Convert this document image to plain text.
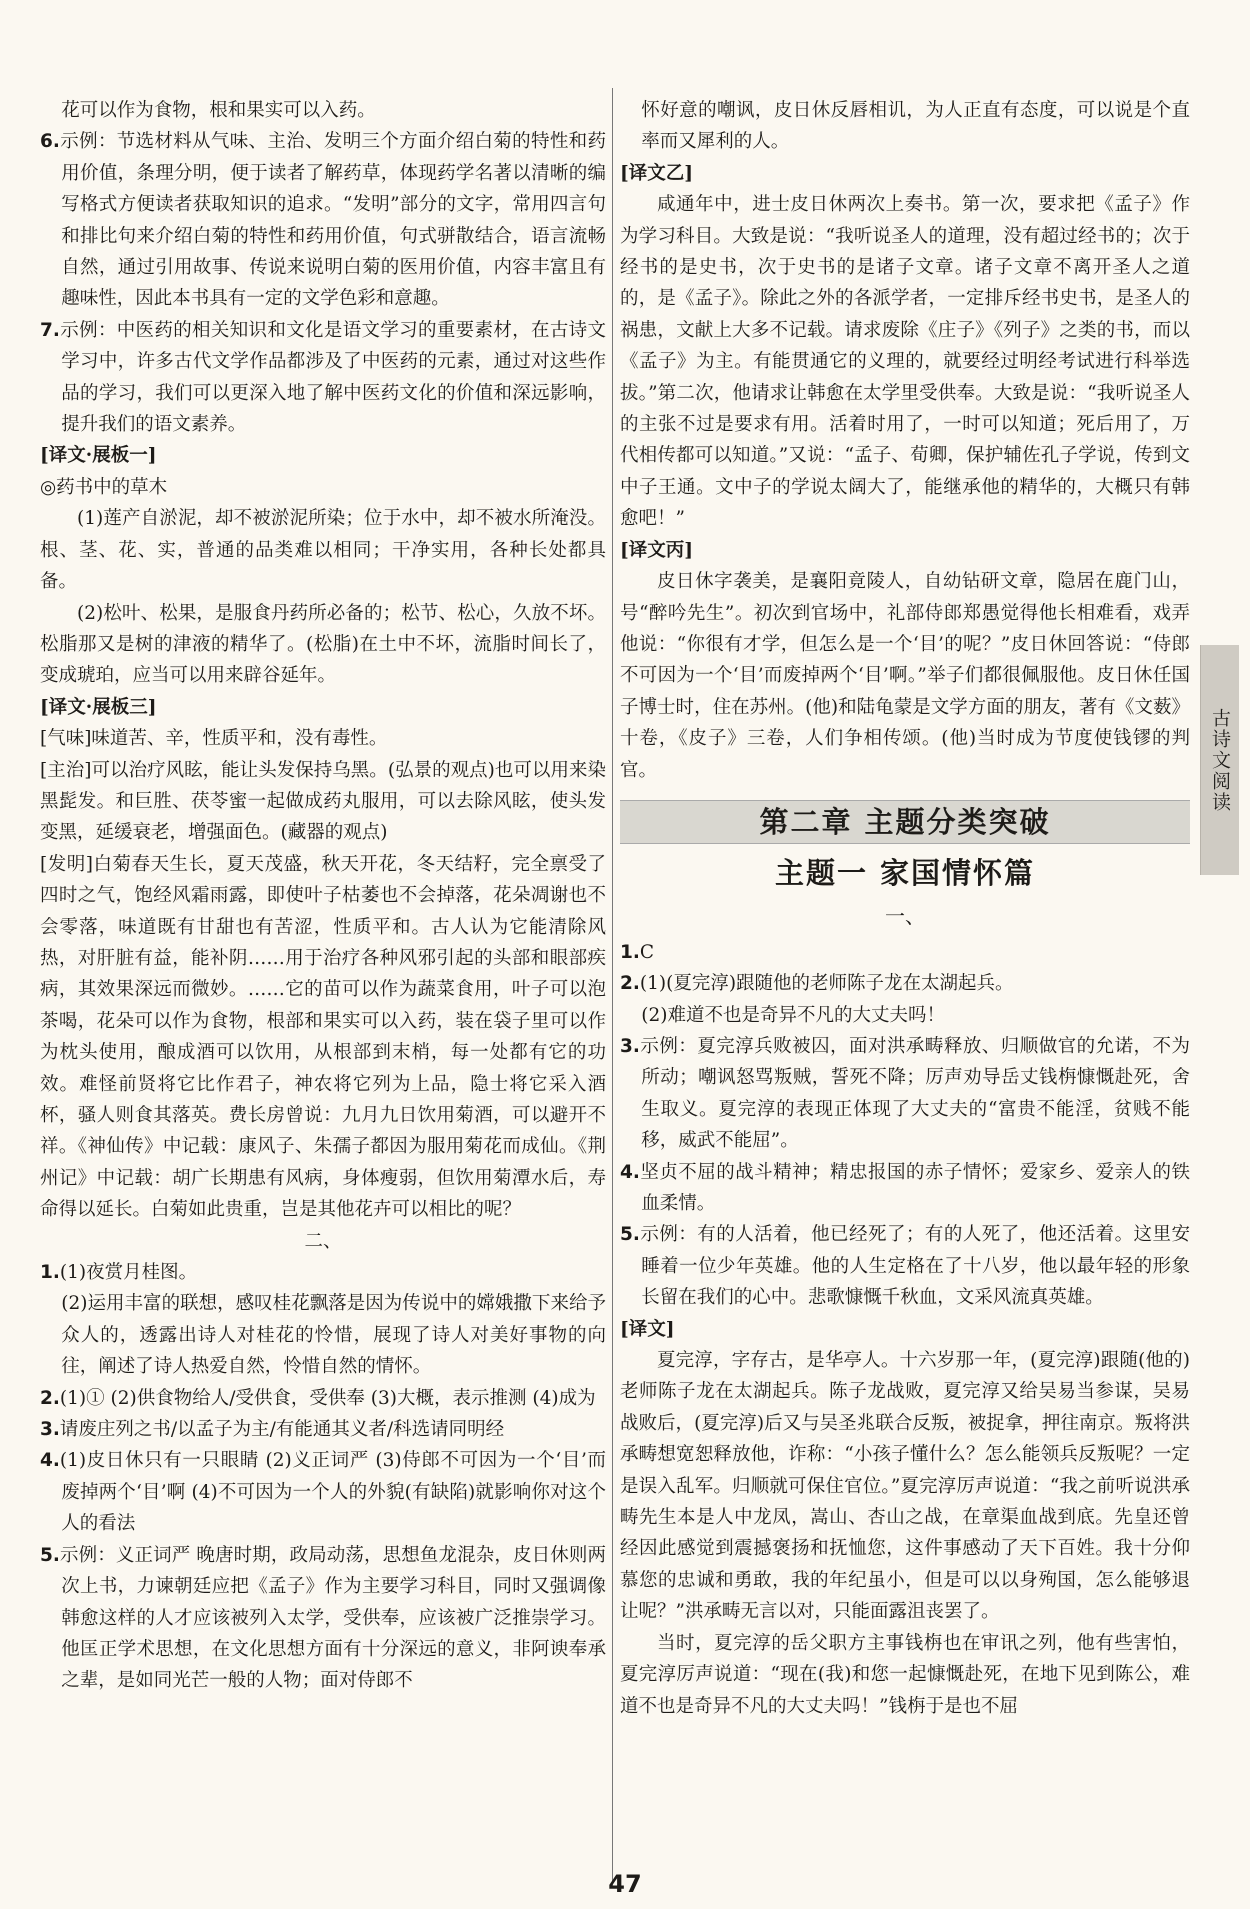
花可以作为食物，根和果实可以入药。

6.示例：节选材料从气味、主治、发明三个方面介绍白菊的特性和药用价值，条理分明，便于读者了解药草，体现药学名著以清晰的编写格式方便读者获取知识的追求。“发明”部分的文字，常用四言句和排比句来介绍白菊的特性和药用价值，句式骈散结合，语言流畅自然，通过引用故事、传说来说明白菊的医用价值，内容丰富且有趣味性，因此本书具有一定的文学色彩和意趣。

7.示例：中医药的相关知识和文化是语文学习的重要素材，在古诗文学习中，许多古代文学作品都涉及了中医药的元素，通过对这些作品的学习，我们可以更深入地了解中医药文化的价值和深远影响，提升我们的语文素养。

[译文·展板一]

◎药书中的草木

(1)莲产自淤泥，却不被淤泥所染；位于水中，却不被水所淹没。根、茎、花、实，普通的品类难以相同；干净实用，各种长处都具备。

(2)松叶、松果，是服食丹药所必备的；松节、松心，久放不坏。松脂那又是树的津液的精华了。(松脂)在土中不坏，流脂时间长了，变成琥珀，应当可以用来辟谷延年。

[译文·展板三]

[气味]味道苦、辛，性质平和，没有毒性。

[主治]可以治疗风眩，能让头发保持乌黑。(弘景的观点)也可以用来染黑髭发。和巨胜、茯苓蜜一起做成药丸服用，可以去除风眩，使头发变黑，延缓衰老，增强面色。(藏器的观点)

[发明]白菊春天生长，夏天茂盛，秋天开花，冬天结籽，完全禀受了四时之气，饱经风霜雨露，即使叶子枯萎也不会掉落，花朵凋谢也不会零落，味道既有甘甜也有苦涩，性质平和。古人认为它能清除风热，对肝脏有益，能补阴……用于治疗各种风邪引起的头部和眼部疾病，其效果深远而微妙。……它的苗可以作为蔬菜食用，叶子可以泡茶喝，花朵可以作为食物，根部和果实可以入药，装在袋子里可以作为枕头使用，酿成酒可以饮用，从根部到末梢，每一处都有它的功效。难怪前贤将它比作君子，神农将它列为上品，隐士将它采入酒杯，骚人则食其落英。费长房曾说：九月九日饮用菊酒，可以避开不祥。《神仙传》中记载：康风子、朱孺子都因为服用菊花而成仙。《荆州记》中记载：胡广长期患有风病，身体瘦弱，但饮用菊潭水后，寿命得以延长。白菊如此贵重，岂是其他花卉可以相比的呢？

二、

1.(1)夜赏月桂图。

(2)运用丰富的联想，感叹桂花飘落是因为传说中的嫦娥撒下来给予众人的，透露出诗人对桂花的怜惜，展现了诗人对美好事物的向往，阐述了诗人热爱自然，怜惜自然的情怀。

2.(1)① (2)供食物给人/受供食，受供奉 (3)大概，表示推测 (4)成为

3.请废庄列之书/以孟子为主/有能通其义者/科选请同明经

4.(1)皮日休只有一只眼睛 (2)义正词严 (3)侍郎不可因为一个‘目’而废掉两个‘目’啊 (4)不可因为一个人的外貌(有缺陷)就影响你对这个人的看法

5.示例：义正词严 晚唐时期，政局动荡，思想鱼龙混杂，皮日休则两次上书，力谏朝廷应把《孟子》作为主要学习科目，同时又强调像韩愈这样的人才应该被列入太学，受供奉，应该被广泛推崇学习。他匡正学术思想，在文化思想方面有十分深远的意义，非阿谀奉承之辈，是如同光芒一般的人物；面对侍郎不

怀好意的嘲讽，皮日休反唇相讥，为人正直有态度，可以说是个直率而又犀利的人。

[译文乙]

咸通年中，进士皮日休两次上奏书。第一次，要求把《孟子》作为学习科目。大致是说：“我听说圣人的道理，没有超过经书的；次于经书的是史书，次于史书的是诸子文章。诸子文章不离开圣人之道的，是《孟子》。除此之外的各派学者，一定排斥经书史书，是圣人的祸患，文献上大多不记载。请求废除《庄子》《列子》之类的书，而以《孟子》为主。有能贯通它的义理的，就要经过明经考试进行科举选拔。”第二次，他请求让韩愈在太学里受供奉。大致是说：“我听说圣人的主张不过是要求有用。活着时用了，一时可以知道；死后用了，万代相传都可以知道。”又说：“孟子、荀卿，保护辅佐孔子学说，传到文中子王通。文中子的学说太阔大了，能继承他的精华的，大概只有韩愈吧！”

[译文丙]

皮日休字袭美，是襄阳竟陵人，自幼钻研文章，隐居在鹿门山，号“醉吟先生”。初次到官场中，礼部侍郎郑愚觉得他长相难看，戏弄他说：“你很有才学，但怎么是一个‘目’的呢？”皮日休回答说：“侍郎不可因为一个‘目’而废掉两个‘目’啊。”举子们都很佩服他。皮日休任国子博士时，住在苏州。(他)和陆龟蒙是文学方面的朋友，著有《文薮》十卷，《皮子》三卷，人们争相传颂。(他)当时成为节度使钱镠的判官。

第二章 主题分类突破
主题一 家国情怀篇
一、

1.C

2.(1)(夏完淳)跟随他的老师陈子龙在太湖起兵。

(2)难道不也是奇异不凡的大丈夫吗！

3.示例：夏完淳兵败被囚，面对洪承畴释放、归顺做官的允诺，不为所动；嘲讽怒骂叛贼，誓死不降；厉声劝导岳丈钱栴慷慨赴死，舍生取义。夏完淳的表现正体现了大丈夫的“富贵不能淫，贫贱不能移，威武不能屈”。

4.坚贞不屈的战斗精神；精忠报国的赤子情怀；爱家乡、爱亲人的铁血柔情。

5.示例：有的人活着，他已经死了；有的人死了，他还活着。这里安睡着一位少年英雄。他的人生定格在了十八岁，他以最年轻的形象长留在我们的心中。悲歌慷慨千秋血，文采风流真英雄。

[译文]

夏完淳，字存古，是华亭人。十六岁那一年，(夏完淳)跟随(他的)老师陈子龙在太湖起兵。陈子龙战败，夏完淳又给吴易当参谋，吴易战败后，(夏完淳)后又与吴圣兆联合反叛，被捉拿，押往南京。叛将洪承畴想宽恕释放他，诈称：“小孩子懂什么？怎么能领兵反叛呢？一定是误入乱军。归顺就可保住官位。”夏完淳厉声说道：“我之前听说洪承畴先生本是人中龙凤，嵩山、杏山之战，在章渠血战到底。先皇还曾经因此感觉到震撼褒扬和抚恤您，这件事感动了天下百姓。我十分仰慕您的忠诚和勇敢，我的年纪虽小，但是可以以身殉国，怎么能够退让呢？”洪承畴无言以对，只能面露沮丧罢了。

当时，夏完淳的岳父职方主事钱栴也在审讯之列，他有些害怕，夏完淳厉声说道：“现在(我)和您一起慷慨赴死，在地下见到陈公，难道不也是奇异不凡的大丈夫吗！”钱栴于是也不屈

古诗文阅读
47
